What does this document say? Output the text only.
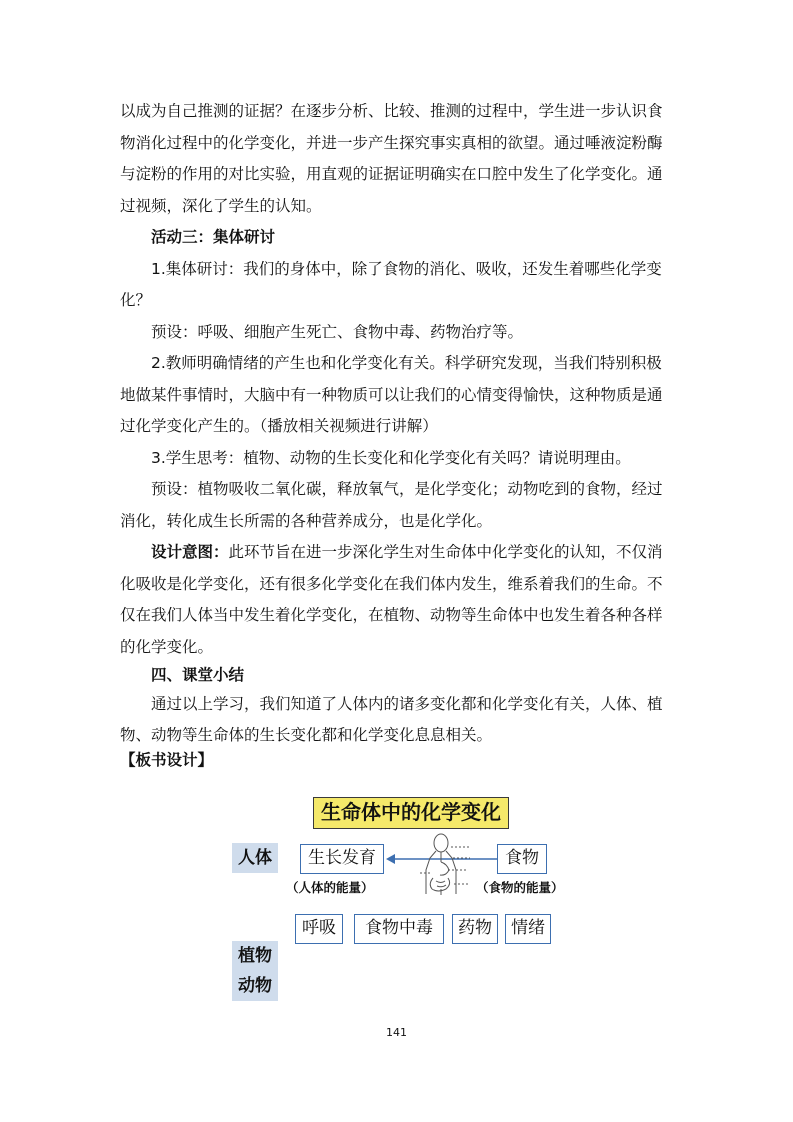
以成为自己推测的证据？在逐步分析、比较、推测的过程中，学生进一步认识食

物消化过程中的化学变化，并进一步产生探究事实真相的欲望。通过唾液淀粉酶

与淀粉的作用的对比实验，用直观的证据证明确实在口腔中发生了化学变化。通

过视频，深化了学生的认知。

活动三：集体研讨

1.集体研讨：我们的身体中，除了食物的消化、吸收，还发生着哪些化学变

化？

预设：呼吸、细胞产生死亡、食物中毒、药物治疗等。

2.教师明确情绪的产生也和化学变化有关。科学研究发现，当我们特别积极

地做某件事情时，大脑中有一种物质可以让我们的心情变得愉快，这种物质是通

过化学变化产生的。（播放相关视频进行讲解）

3.学生思考：植物、动物的生长变化和化学变化有关吗？请说明理由。

预设：植物吸收二氧化碳，释放氧气，是化学变化；动物吃到的食物，经过

消化，转化成生长所需的各种营养成分，也是化学化。

设计意图：此环节旨在进一步深化学生对生命体中化学变化的认知，不仅消

化吸收是化学变化，还有很多化学变化在我们体内发生，维系着我们的生命。不

仅在我们人体当中发生着化学变化，在植物、动物等生命体中也发生着各种各样

的化学变化。

四、课堂小结

通过以上学习，我们知道了人体内的诸多变化都和化学变化有关，人体、植

物、动物等生命体的生长变化都和化学变化息息相关。

【板书设计】
生命体中的化学变化
人体
植物
动物
生长发育	食物
（人体的能量）	（食物的能量）
呼吸	食物中毒	药物	情绪
141
